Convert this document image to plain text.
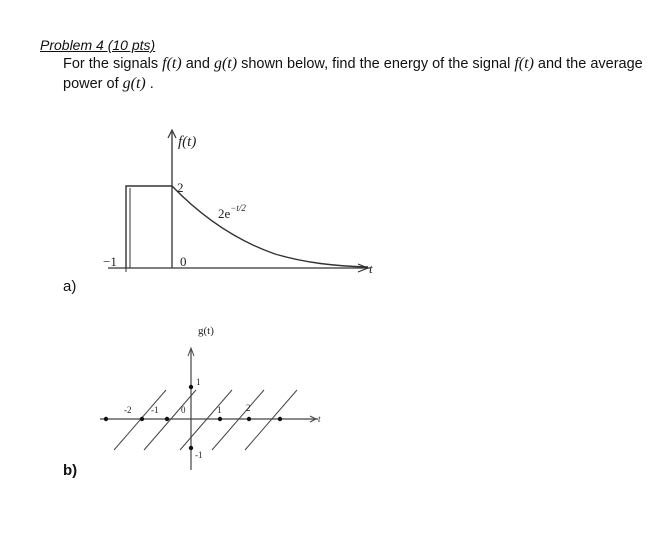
Problem 4 (10 pts)
For the signals f(t) and g(t) shown below, find the energy of the signal f(t) and the average power of g(t) .
a)
b)
f(t)
2
$2e^{-t/2}$
−1	0	t
g(t)
-2 -1	0	1	2
1
-1
t
